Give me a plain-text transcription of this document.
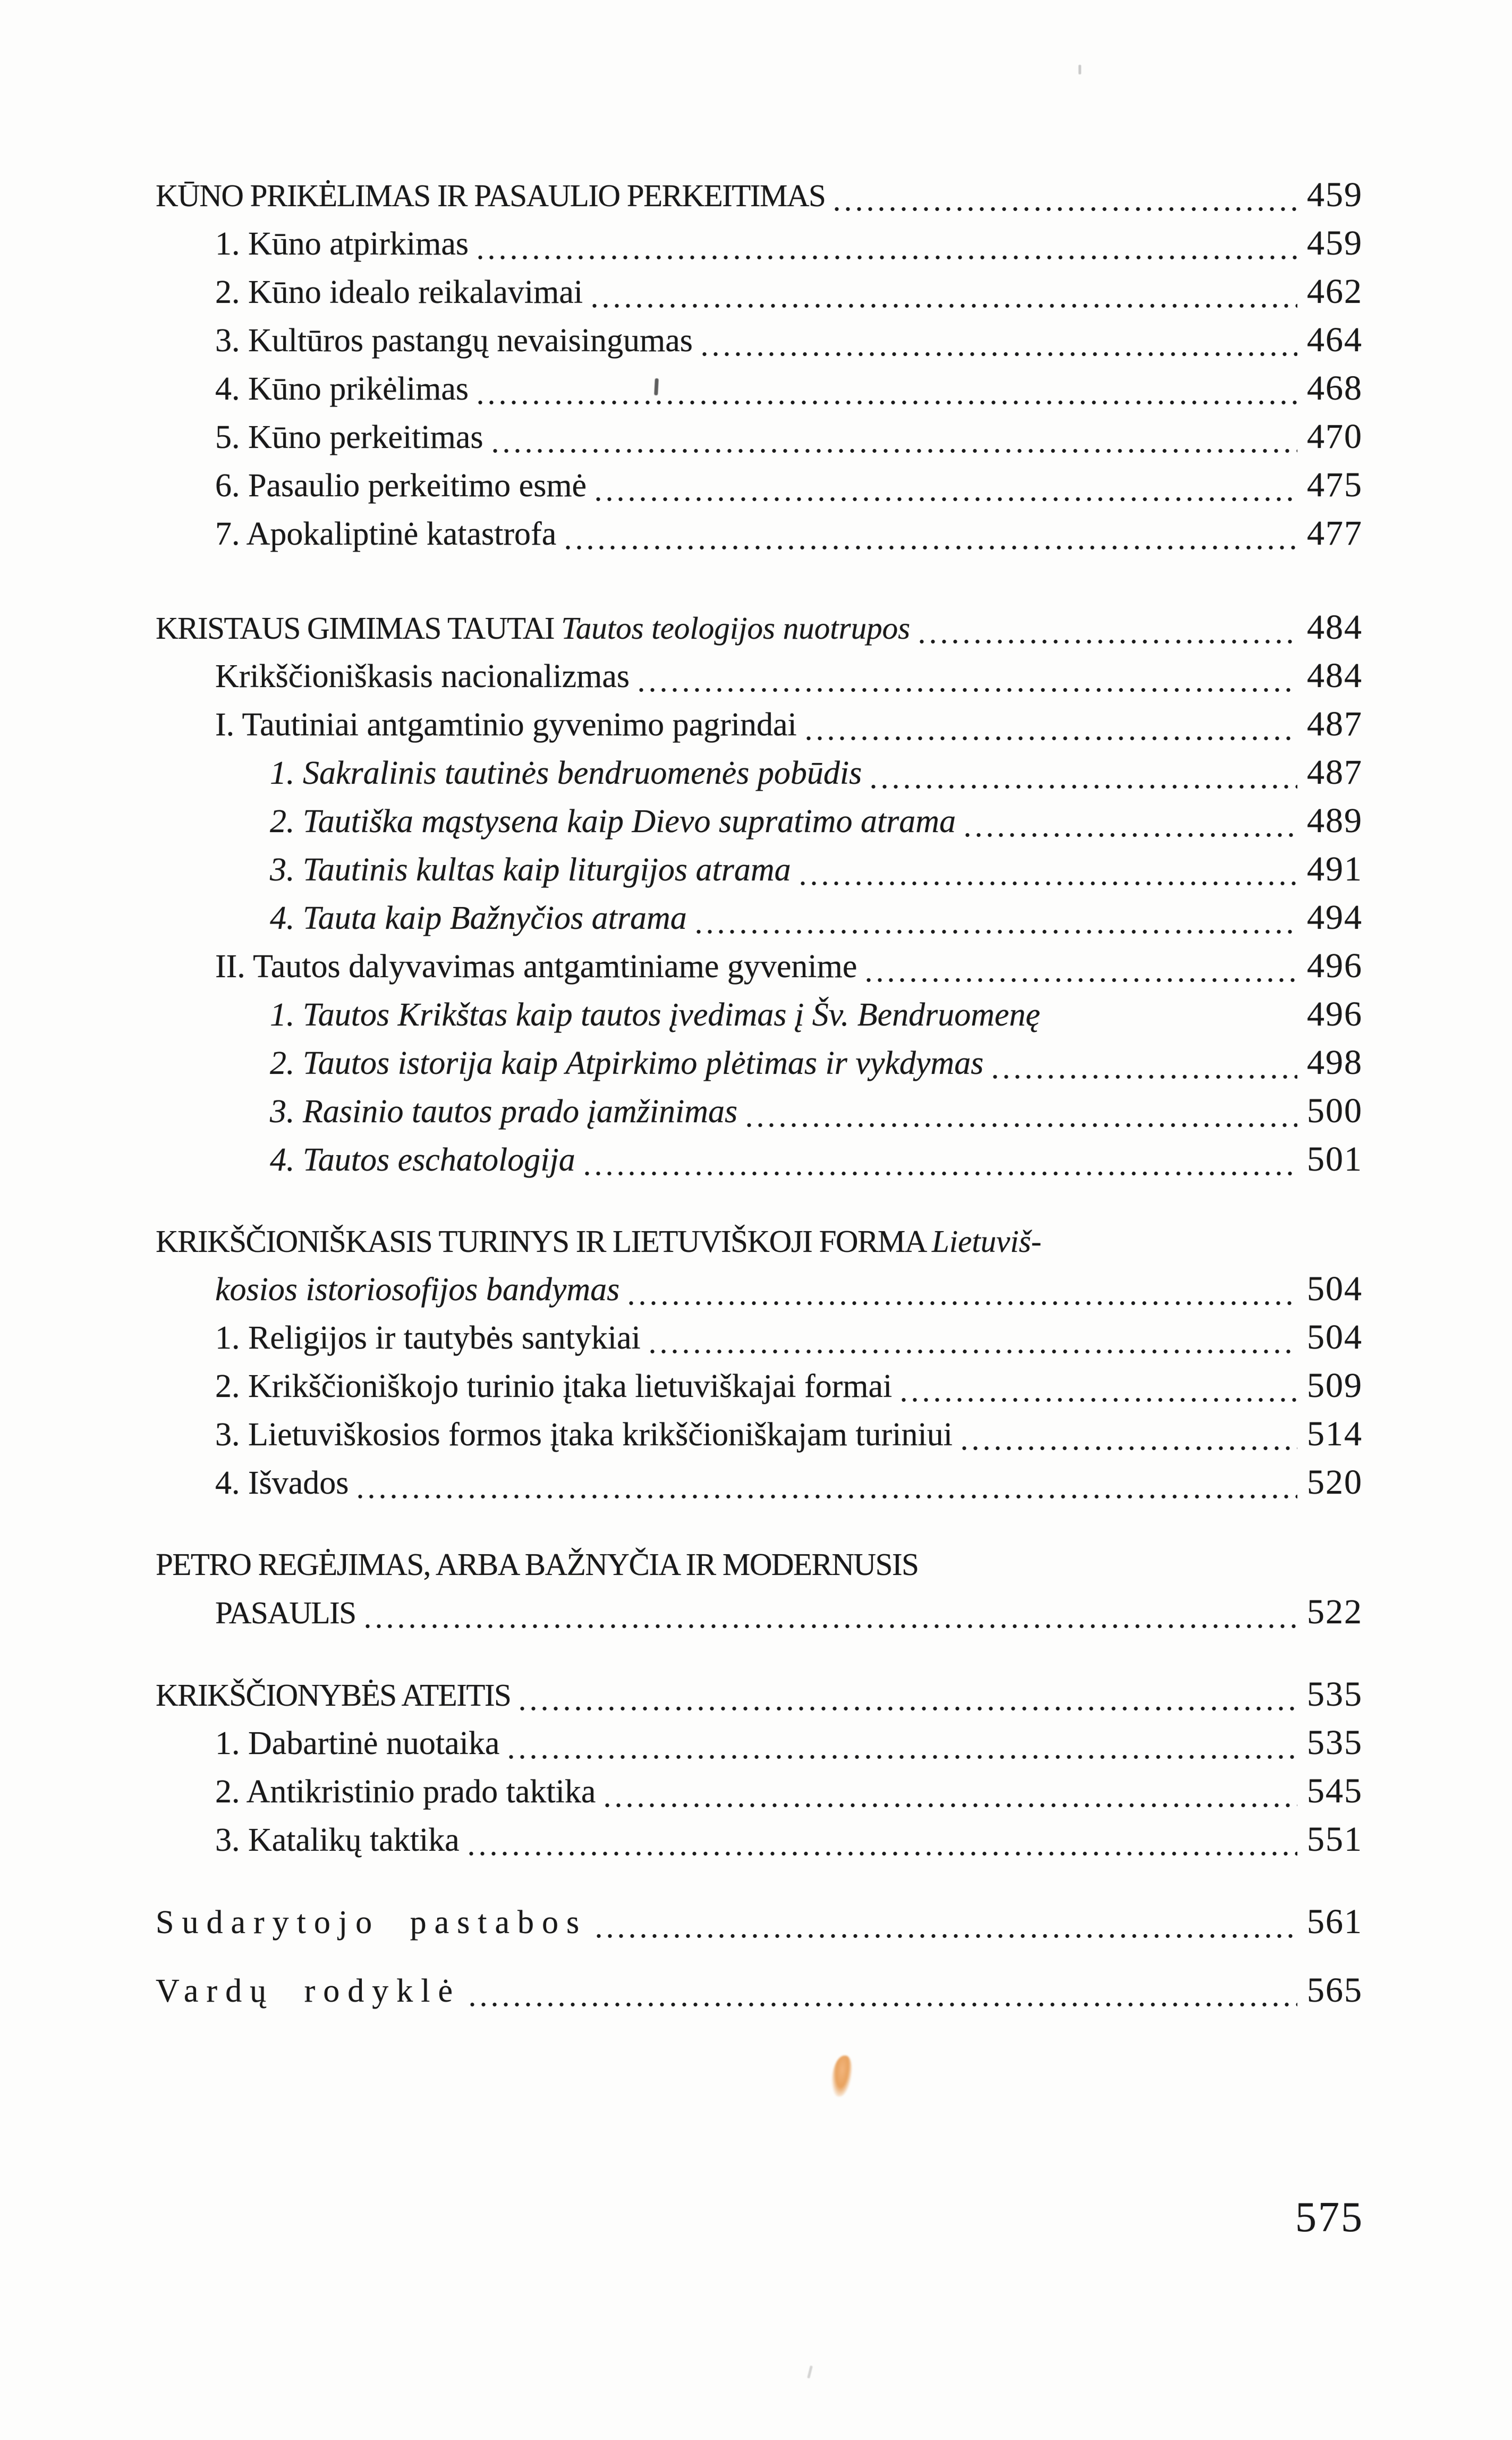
KŪNO PRIKĖLIMAS IR PASAULIO PERKEITIMAS	459
1. Kūno atpirkimas	459
2. Kūno idealo reikalavimai	462
3. Kultūros pastangų nevaisingumas	464
4. Kūno prikėlimas	468
5. Kūno perkeitimas	470
6. Pasaulio perkeitimo esmė	475
7. Apokaliptinė katastrofa	477
KRISTAUS GIMIMAS TAUTAI Tautos teologijos nuotrupos	484
Krikščioniškasis nacionalizmas	484
I. Tautiniai antgamtinio gyvenimo pagrindai	487
1. Sakralinis tautinės bendruomenės pobūdis	487
2. Tautiška mąstysena kaip Dievo supratimo atrama	489
3. Tautinis kultas kaip liturgijos atrama	491
4. Tauta kaip Bažnyčios atrama	494
II. Tautos dalyvavimas antgamtiniame gyvenime	496
1. Tautos Krikštas kaip tautos įvedimas į Šv. Bendruomenę	496
2. Tautos istorija kaip Atpirkimo plėtimas ir vykdymas	498
3. Rasinio tautos prado įamžinimas	500
4. Tautos eschatologija	501
KRIKŠČIONIŠKASIS TURINYS IR LIETUVIŠKOJI FORMA Lietuviš-
kosios istoriosofijos bandymas	504
1. Religijos ir tautybės santykiai	504
2. Krikščioniškojo turinio įtaka lietuviškajai formai	509
3. Lietuviškosios formos įtaka krikščioniškajam turiniui	514
4. Išvados	520
PETRO REGĖJIMAS, ARBA BAŽNYČIA IR MODERNUSIS
PASAULIS	522
KRIKŠČIONYBĖS ATEITIS	535
1. Dabartinė nuotaika	535
2. Antikristinio prado taktika	545
3. Katalikų taktika	551
Sudarytojo pastabos	561
Vardų rodyklė	565
575
